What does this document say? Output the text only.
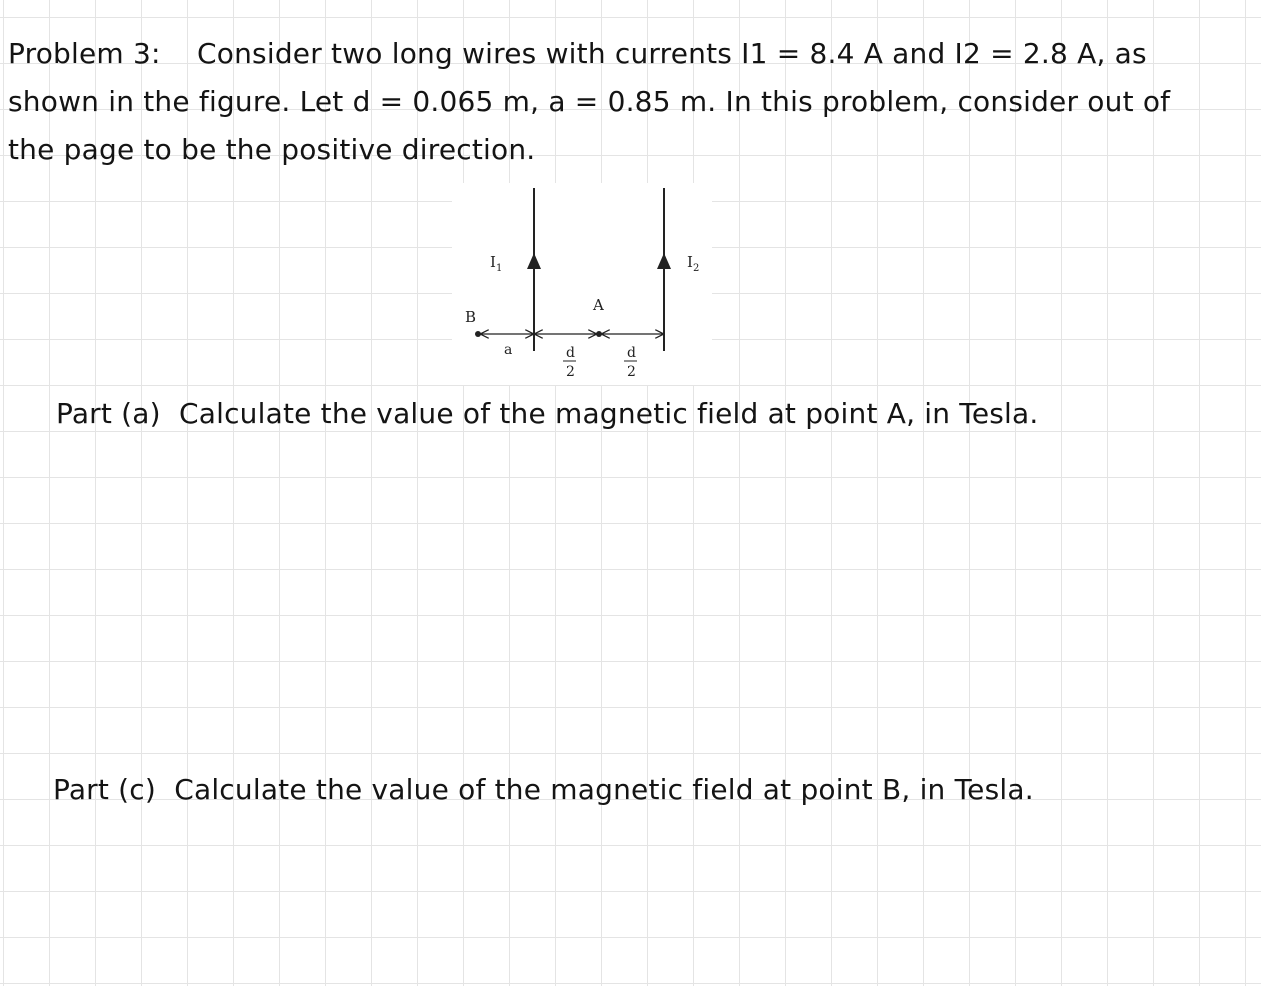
Problem 3:    Consider two long wires with currents I1 = 8.4 A and I2 = 2.8 A, as shown in the figure. Let d = 0.065 m, a = 0.85 m. In this problem, consider out of the page to be the positive direction.

$I_1$	$I_2$
B
A
a	d
2
d
2

Part (a)  Calculate the value of the magnetic field at point A, in Tesla.

Part (c)  Calculate the value of the magnetic field at point B, in Tesla.
